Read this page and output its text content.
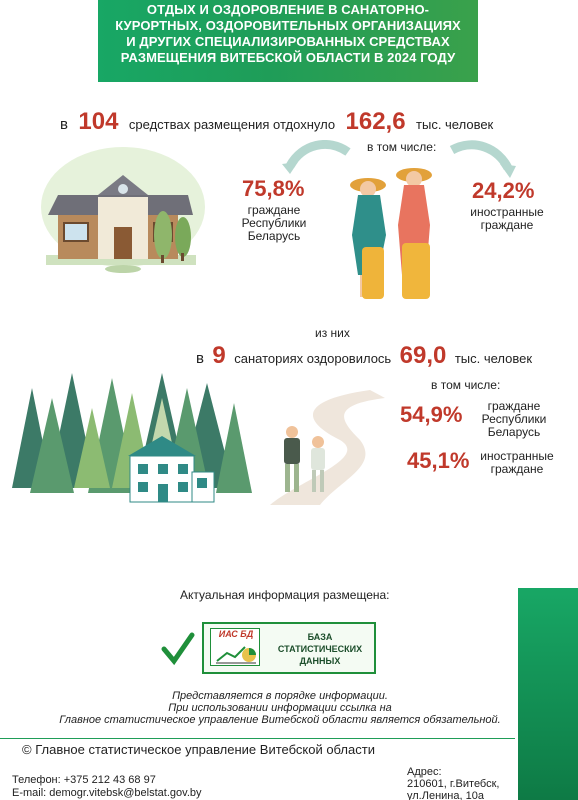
ОТДЫХ И ОЗДОРОВЛЕНИЕ В САНАТОРНО-
КУРОРТНЫХ, ОЗДОРОВИТЕЛЬНЫХ ОРГАНИЗАЦИЯХ
И ДРУГИХ СПЕЦИАЛИЗИРОВАННЫХ СРЕДСТВАХ
РАЗМЕЩЕНИЯ ВИТЕБСКОЙ ОБЛАСТИ В 2024 ГОДУ
в 104 средствах размещения отдохнуло 162,6 тыс. человек
в том числе:
75,8%
граждане
Республики
Беларусь
24,2%
иностранные
граждане
из них
в 9 санаториях оздоровилось 69,0 тыс. человек
в том числе:
54,9%	граждане
Республики
Беларусь
45,1% иностранные
граждане
Актуальная информация размещена:
ИАС БД	БАЗА
СТАТИСТИЧЕСКИХ
ДАННЫХ
Представляется в порядке информации.
При использовании информации ссылка на
Главное статистическое управление Витебской области является обязательной.
© Главное статистическое управление Витебской области
Телефон: +375 212 43 68 97
E-mail: demogr.vitebsk@belstat.gov.by
Адрес:
210601, г.Витебск,
ул.Ленина, 10а
